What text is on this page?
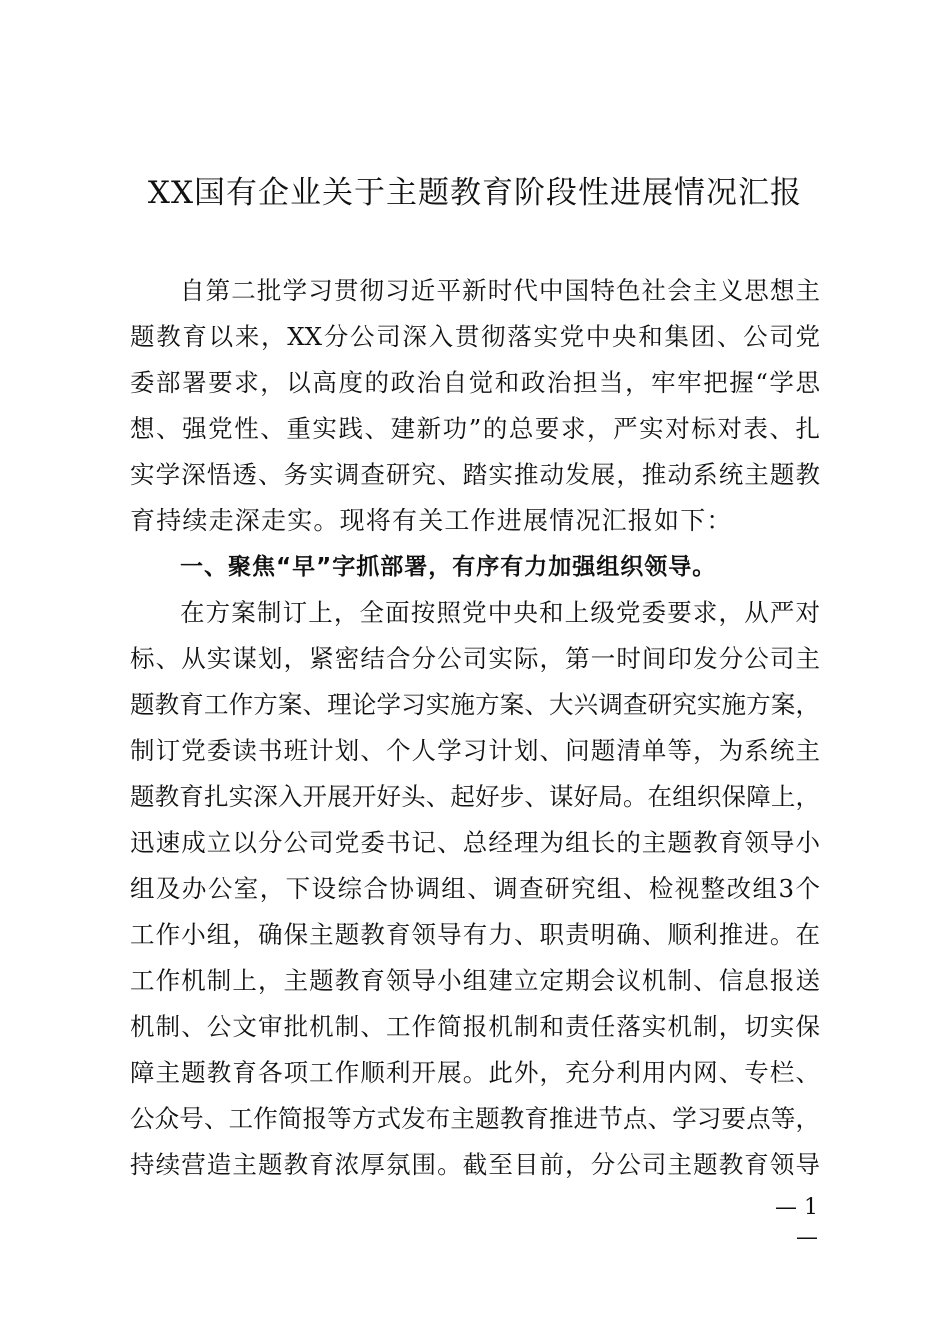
XX国有企业关于主题教育阶段性进展情况汇报
自第二批学习贯彻习近平新时代中国特色社会主义思想主
题教育以来，XX分公司深入贯彻落实党中央和集团、公司党
委部署要求，以高度的政治自觉和政治担当，牢牢把握“学思
想、强党性、重实践、建新功”的总要求，严实对标对表、扎
实学深悟透、务实调查研究、踏实推动发展，推动系统主题教
育持续走深走实。现将有关工作进展情况汇报如下：
一、聚焦“早”字抓部署，有序有力加强组织领导。
在方案制订上，全面按照党中央和上级党委要求，从严对
标、从实谋划，紧密结合分公司实际，第一时间印发分公司主
题教育工作方案、理论学习实施方案、大兴调查研究实施方案，
制订党委读书班计划、个人学习计划、问题清单等，为系统主
题教育扎实深入开展开好头、起好步、谋好局。在组织保障上，
迅速成立以分公司党委书记、总经理为组长的主题教育领导小
组及办公室，下设综合协调组、调查研究组、检视整改组3个
工作小组，确保主题教育领导有力、职责明确、顺利推进。在
工作机制上，主题教育领导小组建立定期会议机制、信息报送
机制、公文审批机制、工作简报机制和责任落实机制，切实保
障主题教育各项工作顺利开展。此外，充分利用内网、专栏、
公众号、工作简报等方式发布主题教育推进节点、学习要点等，
持续营造主题教育浓厚氛围。截至目前，分公司主题教育领导
— 1 —
